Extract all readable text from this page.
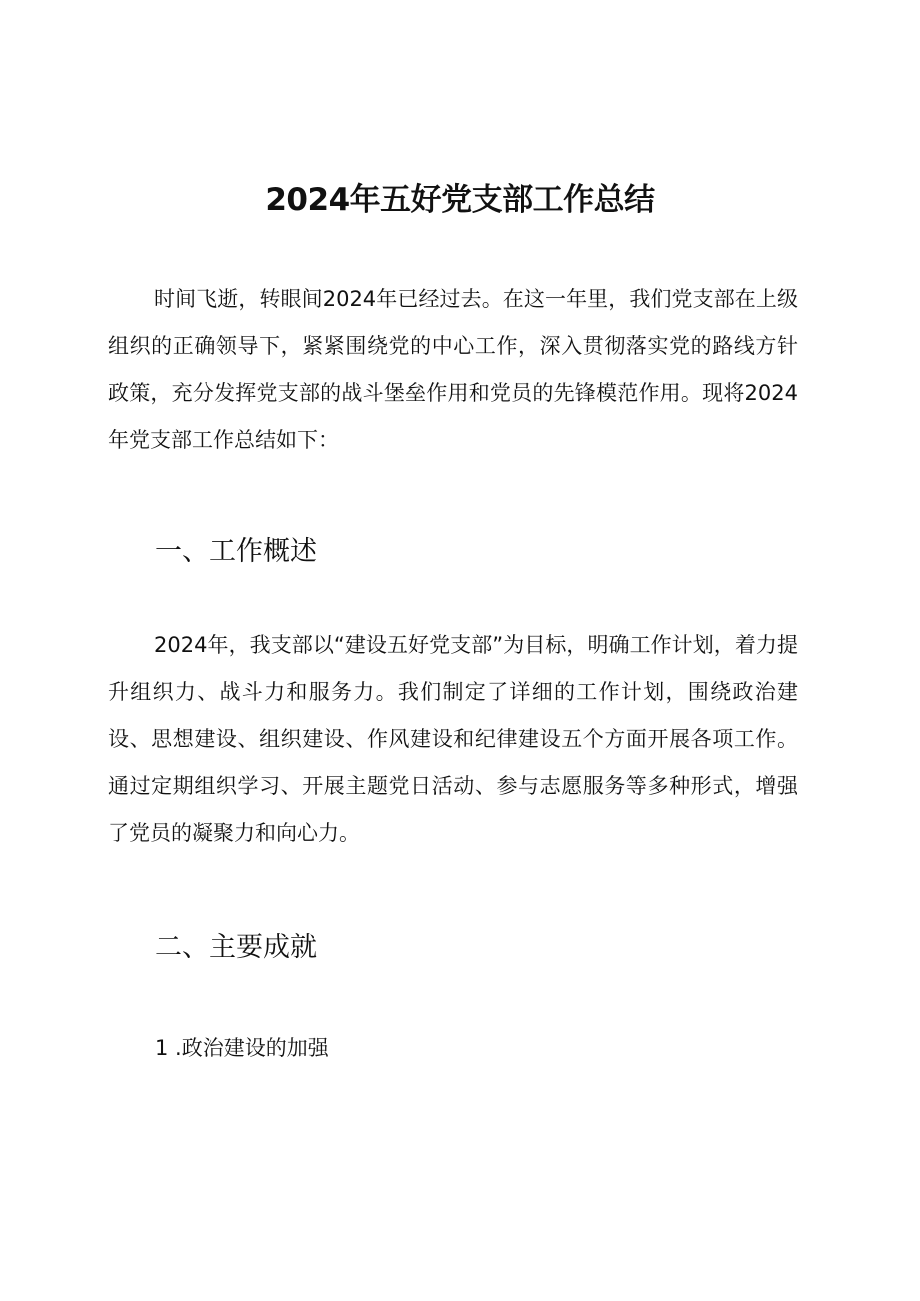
2024年五好党支部工作总结

时间飞逝，转眼间2024年已经过去。在这一年里，我们党支部在上级组织的正确领导下，紧紧围绕党的中心工作，深入贯彻落实党的路线方针政策，充分发挥党支部的战斗堡垒作用和党员的先锋模范作用。现将2024年党支部工作总结如下：

一、工作概述

2024年，我支部以“建设五好党支部”为目标，明确工作计划，着力提升组织力、战斗力和服务力。我们制定了详细的工作计划，围绕政治建设、思想建设、组织建设、作风建设和纪律建设五个方面开展各项工作。通过定期组织学习、开展主题党日活动、参与志愿服务等多种形式，增强了党员的凝聚力和向心力。

二、主要成就

1 .政治建设的加强
